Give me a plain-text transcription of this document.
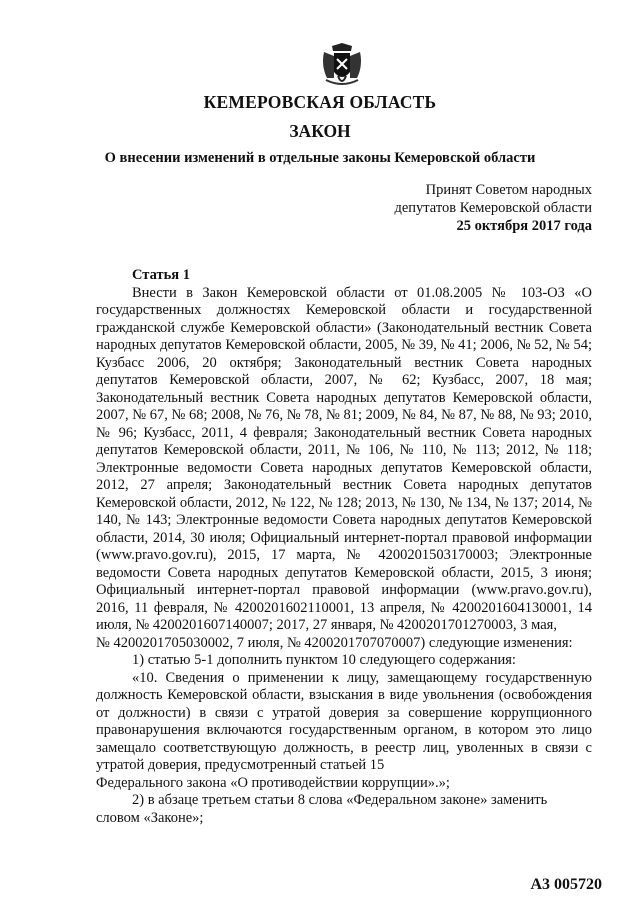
КЕМЕРОВСКАЯ ОБЛАСТЬ
ЗАКОН
О внесении изменений в отдельные законы Кемеровской области
Принят Советом народных
депутатов Кемеровской области
25 октября 2017 года

Статья 1

Внести в Закон Кемеровской области от 01.08.2005 № 103-ОЗ «О государственных должностях Кемеровской области и государственной гражданской службе Кемеровской области» (Законодательный вестник Совета народных депутатов Кемеровской области, 2005, № 39, № 41; 2006, № 52, № 54; Кузбасс 2006, 20 октября; Законодательный вестник Совета народных депутатов Кемеровской области, 2007, № 62; Кузбасс, 2007, 18 мая; Законодательный вестник Совета народных депутатов Кемеровской области, 2007, № 67, № 68; 2008, № 76, № 78, № 81; 2009, № 84, № 87, № 88, № 93; 2010, № 96; Кузбасс, 2011, 4 февраля; Законодательный вестник Совета народных депутатов Кемеровской области, 2011, № 106, № 110, № 113; 2012, № 118; Электронные ведомости Совета народных депутатов Кемеровской области, 2012, 27 апреля; Законодательный вестник Совета народных депутатов Кемеровской области, 2012, № 122, № 128; 2013, № 130, № 134, № 137; 2014, № 140, № 143; Электронные ведомости Совета народных депутатов Кемеровской области, 2014, 30 июля; Официальный интернет-портал правовой информации (www.pravo.gov.ru), 2015, 17 марта, № 4200201503170003; Электронные ведомости Совета народных депутатов Кемеровской области, 2015, 3 июня; Официальный интернет-портал правовой информации (www.pravo.gov.ru), 2016, 11 февраля, № 4200201602110001, 13 апреля, № 4200201604130001, 14 июля, № 4200201607140007; 2017, 27 января, № 4200201701270003, 3 мая,

№ 4200201705030002, 7 июля, № 4200201707070007) следующие изменения:

1) статью 5-1 дополнить пунктом 10 следующего содержания:

«10. Сведения о применении к лицу, замещающему государственную должность Кемеровской области, взыскания в виде увольнения (освобождения от должности) в связи с утратой доверия за совершение коррупционного правонарушения включаются государственным органом, в котором это лицо замещало соответствующую должность, в реестр лиц, уволенных в связи с утратой доверия, предусмотренный статьей 15

Федерального закона «О противодействии коррупции».»;

2) в абзаце третьем статьи 8 слова «Федеральном законе» заменить

словом «Законе»;

А3 005720
